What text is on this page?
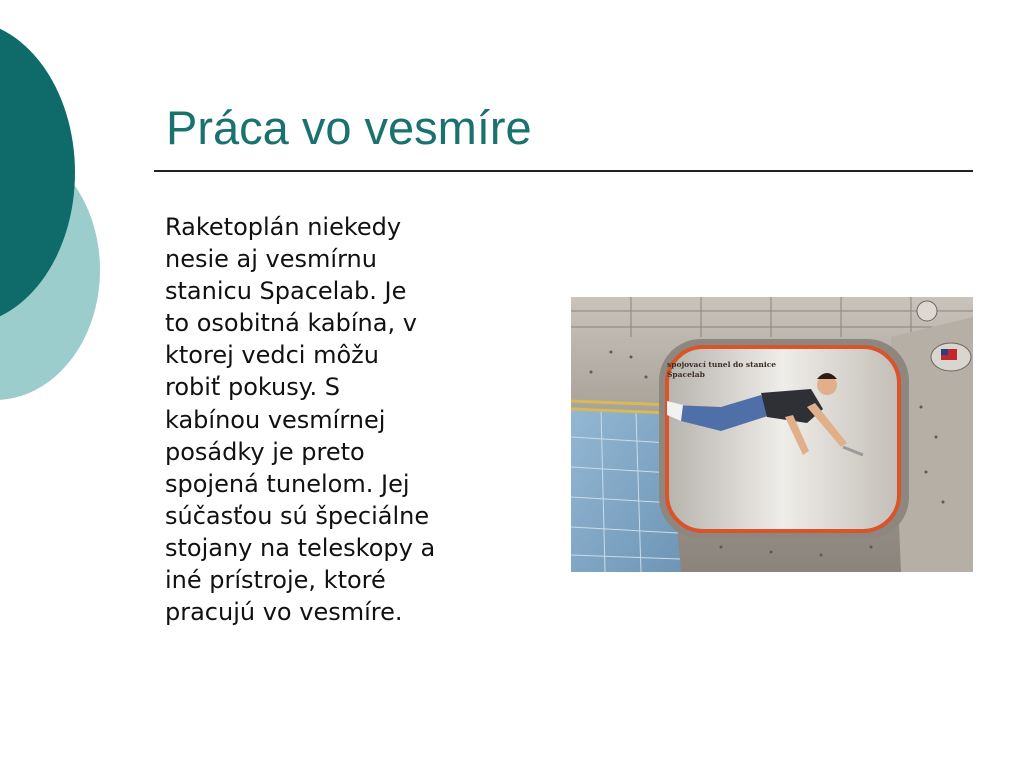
Práca vo vesmíre

Raketoplán niekedy
nesie aj vesmírnu
stanicu Spacelab. Je
to osobitná kabína, v
ktorej vedci môžu
robiť pokusy. S
kabínou vesmírnej
posádky je preto
spojená tunelom. Jej
súčasťou sú špeciálne
stojany na teleskopy a
iné prístroje, ktoré
pracujú vo vesmíre.

spojovací tunel do stanice
Spacelab
